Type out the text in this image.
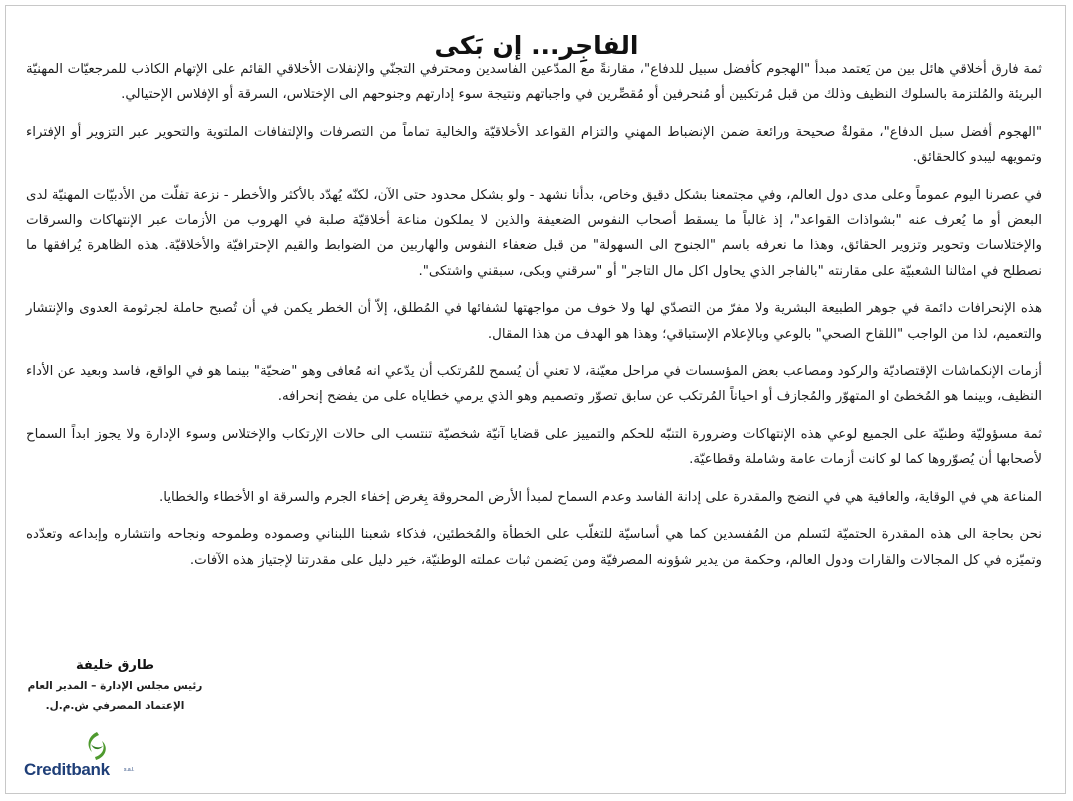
الفاجِر... إن بَكى

ثمة فارق أخلاقي هائل بين من يَعتمد مبدأ "الهجوم كأفضل سبيل للدفاع"، مقارنةً مع المدّعين الفاسدين ومحترفي التجنّي والإنفلات الأخلاقي القائم على الإتهام الكاذب للمرجعيّات المهنيّة البريئة والمُلتزمة بالسلوك النظيف وذلك من قبل مُرتكبين أو مُنحرفين أو مُقصِّرين في واجباتهم ونتيجة سوء إدارتهم وجنوحهم الى الإختلاس، السرقة أو الإفلاس الإحتيالي.

"الهجوم أفضل سبل الدفاع"، مقولةٌ صحيحة ورائعة ضمن الإنضباط المهني والتزام القواعد الأخلاقيّة والخالية تماماً من التصرفات والإلتفافات الملتوية والتحوير عبر التزوير أو الإفتراء وتمويهه ليبدو كالحقائق.

في عصرنا اليوم عموماً وعلى مدى دول العالم، وفي مجتمعنا بشكل دقيق وخاص، بدأنا نشهد - ولو بشكل محدود حتى الآن، لكنّه يُهدّد بالأكثر والأخطر - نزعة تفلّت من الأدبيّات المهنيّة لدى البعض أو ما يُعرف عنه "بشواذات القواعد"، إذ غالباً ما يسقط أصحاب النفوس الضعيفة والذين لا يملكون مناعة أخلاقيّة صلبة في الهروب من الأزمات عبر الإنتهاكات والسرقات والإختلاسات وتحوير وتزوير الحقائق، وهذا ما نعرفه باسم "الجنوح الى السهولة" من قبل ضعفاء النفوس والهاربين من الضوابط والقيم الإحترافيّة والأخلاقيّة. هذه الظاهرة يُرافقها ما نصطلح في امثالنا الشعبيّة على مقارنته "بالفاجر الذي يحاول اكل مال التاجر" أو "سرقني وبكى، سبقني واشتكى".

هذه الإنحرافات دائمة في جوهر الطبيعة البشرية ولا مفرّ من التصدّي لها ولا خوف من مواجهتها لشفائها في المُطلق، إلاّ أن الخطر يكمن في أن تُصبح حاملة لجرثومة العدوى والإنتشار والتعميم، لذا من الواجب "اللقاح الصحي" بالوعي وبالإعلام الإستباقي؛ وهذا هو الهدف من هذا المقال.

أزمات الإنكماشات الإقتصاديّة والركود ومصاعب بعض المؤسسات في مراحل معيّنة، لا تعني أن يُسمح للمُرتكب أن يدّعي انه مُعافى وهو "ضحيّة" بينما هو في الواقع، فاسد وبعيد عن الأداء النظيف، وبينما هو المُخطئ او المتهوّر والمُجازف أو احياناً المُرتكب عن سابق تصوّر وتصميم وهو الذي يرمي خطاياه على من يفضح إنحرافه.

ثمة مسؤوليّة وطنيّة على الجميع لوعي هذه الإنتهاكات وضرورة التنبّه للحكم والتمييز على قضايا آنيّة شخصيّة تنتسب الى حالات الإرتكاب والإختلاس وسوء الإدارة ولا يجوز ابداً السماح لأصحابها أن يُصوّروها كما لو كانت أزمات عامة وشاملة وقطاعيّة.

المناعة هي في الوقاية، والعافية هي في النضج والمقدرة على إدانة الفاسد وعدم السماح لمبدأ الأرض المحروقة بِغرض إخفاء الجرم والسرقة او الأخطاء والخطايا.

نحن بحاجة الى هذه المقدرة الحتميّة لنَسلم من المُفسدين كما هي أساسيّة للتغلّب على الخطأة والمُخطئين، فذكاء شعبنا اللبناني وصموده وطموحه ونجاحه وانتشاره وإبداعه وتعدّده وتميّزه في كل المجالات والقارات ودول العالم، وحكمة من يدير شؤونه المصرفيّة ومن يَضمن ثبات عملته الوطنيّة، خير دليل على مقدرتنا لإجتياز هذه الآفات.

طارق خليفة
رئيس مجلس الإدارة – المدير العام
الإعتماد المصرفي ش.م.ل.
Creditbank	s.a.l.
